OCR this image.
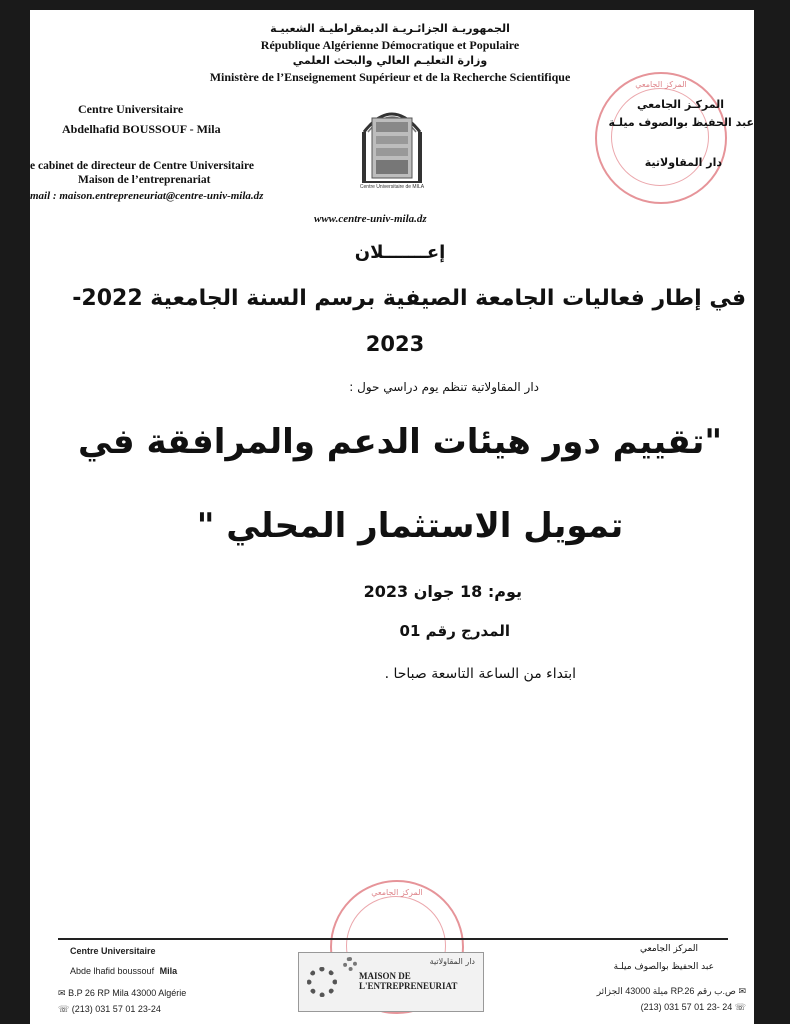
الجمهوريـة الجزائـريـة الديمقراطيـة الشعبيـة
République Algérienne Démocratique et Populaire
وزارة التعليـم العالي والبحث العلمي
Ministère de l’Enseignement Supérieur et de la Recherche Scientifique
Centre Universitaire
Abdelhafid BOUSSOUF - Mila
e cabinet de directeur de Centre Universitaire
Maison de l’entreprenariat
mail : maison.entrepreneuriat@centre-univ-mila.dz
Centre Universitaire de MILA
المركز الجامعي
المركـز الجامعي
عبد الحفيظ بوالصوف ميلـة
دار المقاولاتية
www.centre-univ-mila.dz
إعـــــــلان
في إطار فعاليات الجامعة الصيفية برسم السنة الجامعية 2022-
2023
دار المقاولاتية تنظم يوم دراسي حول :
"تقييم دور هيئات الدعم والمرافقة في
تمويل الاستثمار المحلي "
يوم: 18 جوان 2023
المدرج رقم 01
ابتداء من الساعة التاسعة صباحا .
المركز الجامعي
Centre Universitaire
Abde lhafid boussouf Mila
✉ B.P 26 RP Mila 43000 Algérie
☏ (213) 031 57 01 23-24
دار المقاولاتية
MAISON DE L'ENTREPRENEURIAT
المركز الجامعي
عبد الحفيظ بوالصوف ميلـة
✉ ص.ب رقم RP.26 ميلة 43000 الجزائر
(213) 031 57 01 23- 24 ☏
